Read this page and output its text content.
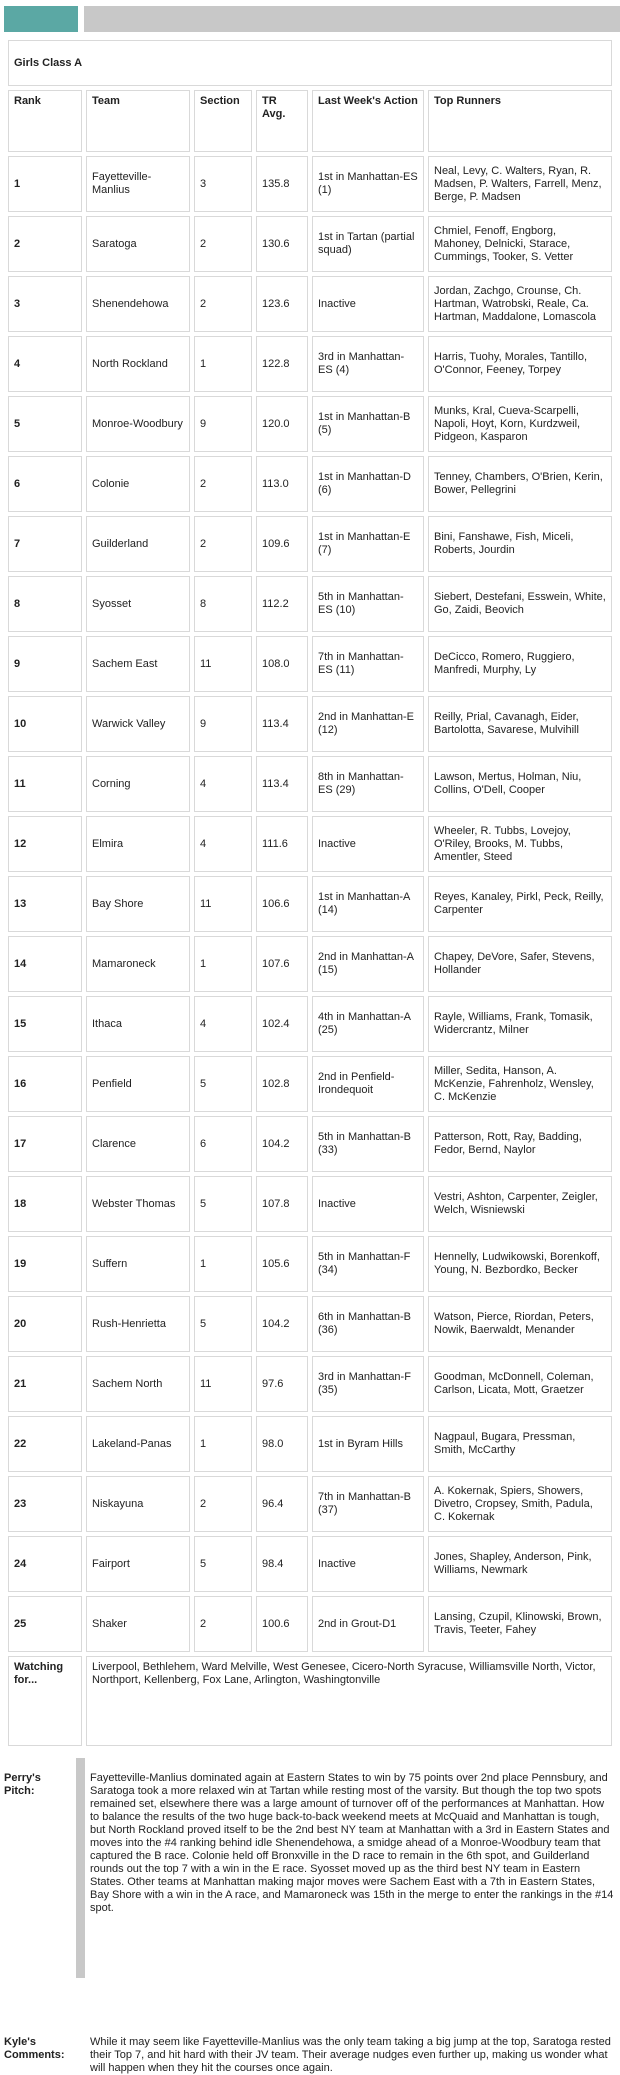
Girls Class A					
Rank	Team	Section	TR Avg.	Last Week's Action	Top Runners
1	Fayetteville-Manlius	3	135.8	1st in Manhattan-ES (1)	Neal, Levy, C. Walters, Ryan, R. Madsen, P. Walters, Farrell, Menz, Berge, P. Madsen
2	Saratoga	2	130.6	1st in Tartan (partial squad)	Chmiel, Fenoff, Engborg, Mahoney, Delnicki, Starace, Cummings, Tooker, S. Vetter
3	Shenendehowa	2	123.6	Inactive	Jordan, Zachgo, Crounse, Ch. Hartman, Watrobski, Reale, Ca. Hartman, Maddalone, Lomascola
4	North Rockland	1	122.8	3rd in Manhattan-ES (4)	Harris, Tuohy, Morales, Tantillo, O'Connor, Feeney, Torpey
5	Monroe-Woodbury	9	120.0	1st in Manhattan-B (5)	Munks, Kral, Cueva-Scarpelli, Napoli, Hoyt, Korn, Kurdzweil, Pidgeon, Kasparon
6	Colonie	2	113.0	1st in Manhattan-D (6)	Tenney, Chambers, O'Brien, Kerin, Bower, Pellegrini
7	Guilderland	2	109.6	1st in Manhattan-E (7)	Bini, Fanshawe, Fish, Miceli, Roberts, Jourdin
8	Syosset	8	112.2	5th in Manhattan-ES (10)	Siebert, Destefani, Esswein, White, Go, Zaidi, Beovich
9	Sachem East	11	108.0	7th in Manhattan-ES (11)	DeCicco, Romero, Ruggiero, Manfredi, Murphy, Ly
10	Warwick Valley	9	113.4	2nd in Manhattan-E (12)	Reilly, Prial, Cavanagh, Eider, Bartolotta, Savarese, Mulvihill
11	Corning	4	113.4	8th in Manhattan-ES (29)	Lawson, Mertus, Holman, Niu, Collins, O'Dell, Cooper
12	Elmira	4	111.6	Inactive	Wheeler, R. Tubbs, Lovejoy, O'Riley, Brooks, M. Tubbs, Amentler, Steed
13	Bay Shore	11	106.6	1st in Manhattan-A (14)	Reyes, Kanaley, Pirkl, Peck, Reilly, Carpenter
14	Mamaroneck	1	107.6	2nd in Manhattan-A (15)	Chapey, DeVore, Safer, Stevens, Hollander
15	Ithaca	4	102.4	4th in Manhattan-A (25)	Rayle, Williams, Frank, Tomasik, Widercrantz, Milner
16	Penfield	5	102.8	2nd in Penfield-Irondequoit	Miller, Sedita, Hanson, A. McKenzie, Fahrenholz, Wensley, C. McKenzie
17	Clarence	6	104.2	5th in Manhattan-B (33)	Patterson, Rott, Ray, Badding, Fedor, Bernd, Naylor
18	Webster Thomas	5	107.8	Inactive	Vestri, Ashton, Carpenter, Zeigler, Welch, Wisniewski
19	Suffern	1	105.6	5th in Manhattan-F (34)	Hennelly, Ludwikowski, Borenkoff, Young, N. Bezbordko, Becker
20	Rush-Henrietta	5	104.2	6th in Manhattan-B (36)	Watson, Pierce, Riordan, Peters, Nowik, Baerwaldt, Menander
21	Sachem North	11	97.6	3rd in Manhattan-F (35)	Goodman, McDonnell, Coleman, Carlson, Licata, Mott, Graetzer
22	Lakeland-Panas	1	98.0	1st in Byram Hills	Nagpaul, Bugara, Pressman, Smith, McCarthy
23	Niskayuna	2	96.4	7th in Manhattan-B (37)	A. Kokernak, Spiers, Showers, Divetro, Cropsey, Smith, Padula, C. Kokernak
24	Fairport	5	98.4	Inactive	Jones, Shapley, Anderson, Pink, Williams, Newmark
25	Shaker	2	100.6	2nd in Grout-D1	Lansing, Czupil, Klinowski, Brown, Travis, Teeter, Fahey
Watching for...	Liverpool, Bethlehem, Ward Melville, West Genesee, Cicero-North Syracuse, Williamsville North, Victor, Northport, Kellenberg, Fox Lane, Arlington, Washingtonville				
Perry's Pitch:
Fayetteville-Manlius dominated again at Eastern States to win by 75 points over 2nd place Pennsbury, and Saratoga took a more relaxed win at Tartan while resting most of the varsity. But though the top two spots remained set, elsewhere there was a large amount of turnover off of the performances at Manhattan. How to balance the results of the two huge back-to-back weekend meets at McQuaid and Manhattan is tough, but North Rockland proved itself to be the 2nd best NY team at Manhattan with a 3rd in Eastern States and moves into the #4 ranking behind idle Shenendehowa, a smidge ahead of a Monroe-Woodbury team that captured the B race. Colonie held off Bronxville in the D race to remain in the 6th spot, and Guilderland rounds out the top 7 with a win in the E race. Syosset moved up as the third best NY team in Eastern States. Other teams at Manhattan making major moves were Sachem East with a 7th in Eastern States, Bay Shore with a win in the A race, and Mamaroneck was 15th in the merge to enter the rankings in the #14 spot.
Kyle's Comments:
While it may seem like Fayetteville-Manlius was the only team taking a big jump at the top, Saratoga rested their Top 7, and hit hard with their JV team. Their average nudges even further up, making us wonder what will happen when they hit the courses once again.
